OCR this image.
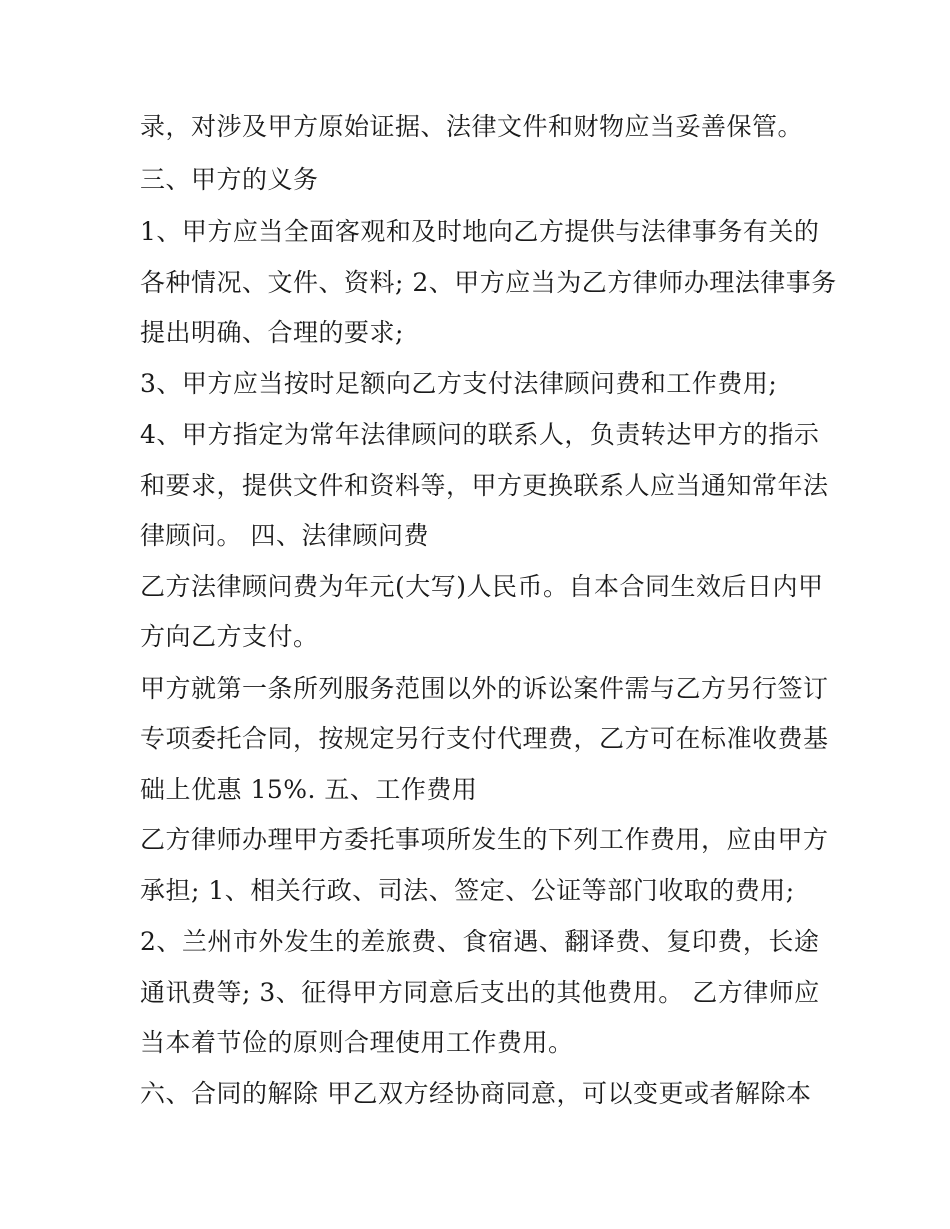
录，对涉及甲方原始证据、法律文件和财物应当妥善保管。
三、甲方的义务
1、甲方应当全面客观和及时地向乙方提供与法律事务有关的
各种情况、文件、资料; 2、甲方应当为乙方律师办理法律事务
提出明确、合理的要求;
3、甲方应当按时足额向乙方支付法律顾问费和工作费用;
4、甲方指定为常年法律顾问的联系人，负责转达甲方的指示
和要求，提供文件和资料等，甲方更换联系人应当通知常年法
律顾问。 四、法律顾问费
乙方法律顾问费为年元(大写)人民币。自本合同生效后日内甲
方向乙方支付。
甲方就第一条所列服务范围以外的诉讼案件需与乙方另行签订
专项委托合同，按规定另行支付代理费，乙方可在标准收费基
础上优惠 15%. 五、工作费用
乙方律师办理甲方委托事项所发生的下列工作费用，应由甲方
承担; 1、相关行政、司法、签定、公证等部门收取的费用;
2、兰州市外发生的差旅费、食宿遇、翻译费、复印费，长途
通讯费等; 3、征得甲方同意后支出的其他费用。 乙方律师应
当本着节俭的原则合理使用工作费用。
六、合同的解除 甲乙双方经协商同意，可以变更或者解除本
